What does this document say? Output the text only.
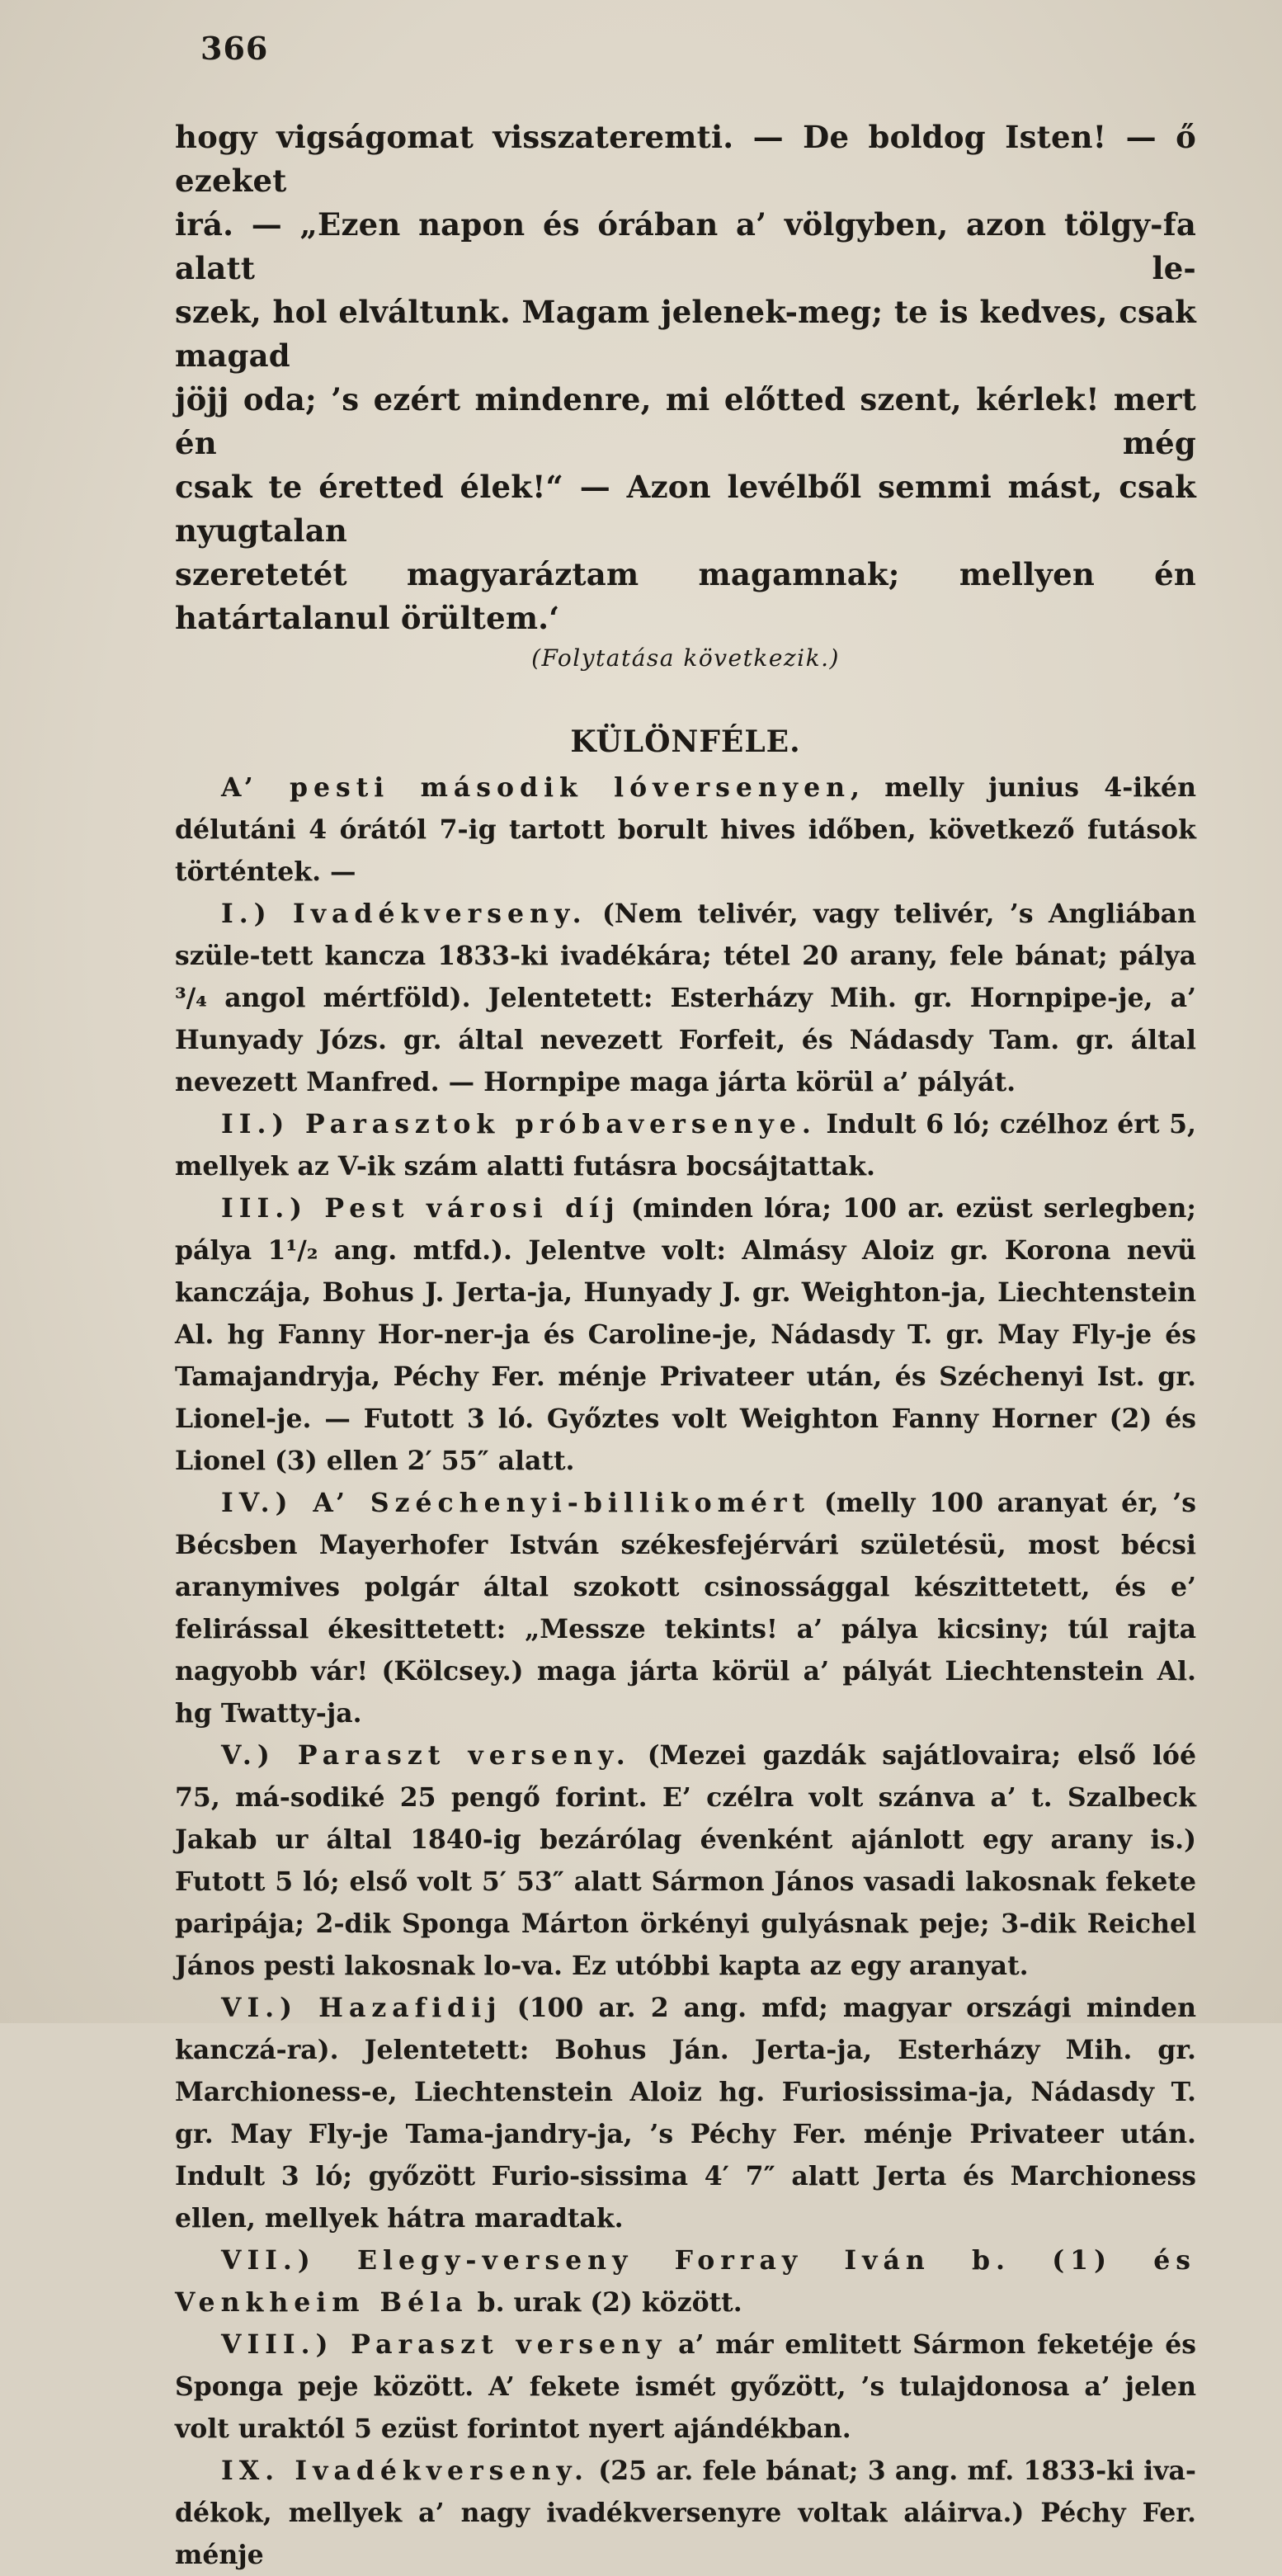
366
hogy vigságomat visszateremti. — De boldog Isten! — ő ezeket
irá. — „Ezen napon és órában a’ völgyben, azon tölgy-fa alatt le-
szek, hol elváltunk. Magam jelenek-meg; te is kedves, csak magad
jöjj oda; ’s ezért mindenre, mi előtted szent, kérlek! mert én még
csak te éretted élek!“ — Azon levélből semmi mást, csak nyugtalan
szeretetét magyaráztam magamnak; mellyen én határtalanul örültem.‘
(Folytatása következik.)
KÜLÖNFÉLE.

A’ pesti második lóversenyen, melly junius 4-ikén délutáni 4 órától 7-ig tartott borult hives időben, következő futások történtek. —

I.) Ivadékverseny. (Nem telivér, vagy telivér, ’s Angliában szüle-tett kancza 1833-ki ivadékára; tétel 20 arany, fele bánat; pálya ³/₄ angol mértföld). Jelentetett: Esterházy Mih. gr. Hornpipe-je, a’ Hunyady Józs. gr. által nevezett Forfeit, és Nádasdy Tam. gr. által nevezett Manfred. — Hornpipe maga járta körül a’ pályát.

II.) Parasztok próbaversenye. Indult 6 ló; czélhoz ért 5, mellyek az V-ik szám alatti futásra bocsájtattak.

III.) Pest városi díj (minden lóra; 100 ar. ezüst serlegben; pálya 1¹/₂ ang. mtfd.). Jelentve volt: Almásy Aloiz gr. Korona nevü kanczája, Bohus J. Jerta-ja, Hunyady J. gr. Weighton-ja, Liechtenstein Al. hg Fanny Hor-ner-ja és Caroline-je, Nádasdy T. gr. May Fly-je és Tamajandryja, Péchy Fer. ménje Privateer után, és Széchenyi Ist. gr. Lionel-je. — Futott 3 ló. Győztes volt Weighton Fanny Horner (2) és Lionel (3) ellen 2′ 55″ alatt.

IV.) A’ Széchenyi-billikomért (melly 100 aranyat ér, ’s Bécsben Mayerhofer István székesfejérvári születésü, most bécsi aranymives polgár által szokott csinossággal készittetett, és e’ felirással ékesittetett: „Messze tekints! a’ pálya kicsiny; túl rajta nagyobb vár! (Kölcsey.) maga járta körül a’ pályát Liechtenstein Al. hg Twatty-ja.

V.) Paraszt verseny. (Mezei gazdák sajátlovaira; első lóé 75, má-sodiké 25 pengő forint. E’ czélra volt szánva a’ t. Szalbeck Jakab ur által 1840-ig bezárólag évenként ajánlott egy arany is.) Futott 5 ló; első volt 5′ 53″ alatt Sármon János vasadi lakosnak fekete paripája; 2-dik Sponga Márton örkényi gulyásnak peje; 3-dik Reichel János pesti lakosnak lo-va. Ez utóbbi kapta az egy aranyat.

VI.) Hazafidij (100 ar. 2 ang. mfd; magyar országi minden kanczá-ra). Jelentetett: Bohus Ján. Jerta-ja, Esterházy Mih. gr. Marchioness-e, Liechtenstein Aloiz hg. Furiosissima-ja, Nádasdy T. gr. May Fly-je Tama-jandry-ja, ’s Péchy Fer. ménje Privateer után. Indult 3 ló; győzött Furio-sissima 4′ 7″ alatt Jerta és Marchioness ellen, mellyek hátra maradtak.

VII.) Elegy-verseny Forray Iván b. (1) és Venkheim Béla b. urak (2) között.

VIII.) Paraszt verseny a’ már emlitett Sármon feketéje és Sponga peje között. A’ fekete ismét győzött, ’s tulajdonosa a’ jelen volt uraktól 5 ezüst forintot nyert ajándékban.

IX. Ivadékverseny. (25 ar. fele bánat; 3 ang. mf. 1833-ki iva-dékok, mellyek a’ nagy ivadékversenyre voltak aláirva.) Péchy Fer. ménje
